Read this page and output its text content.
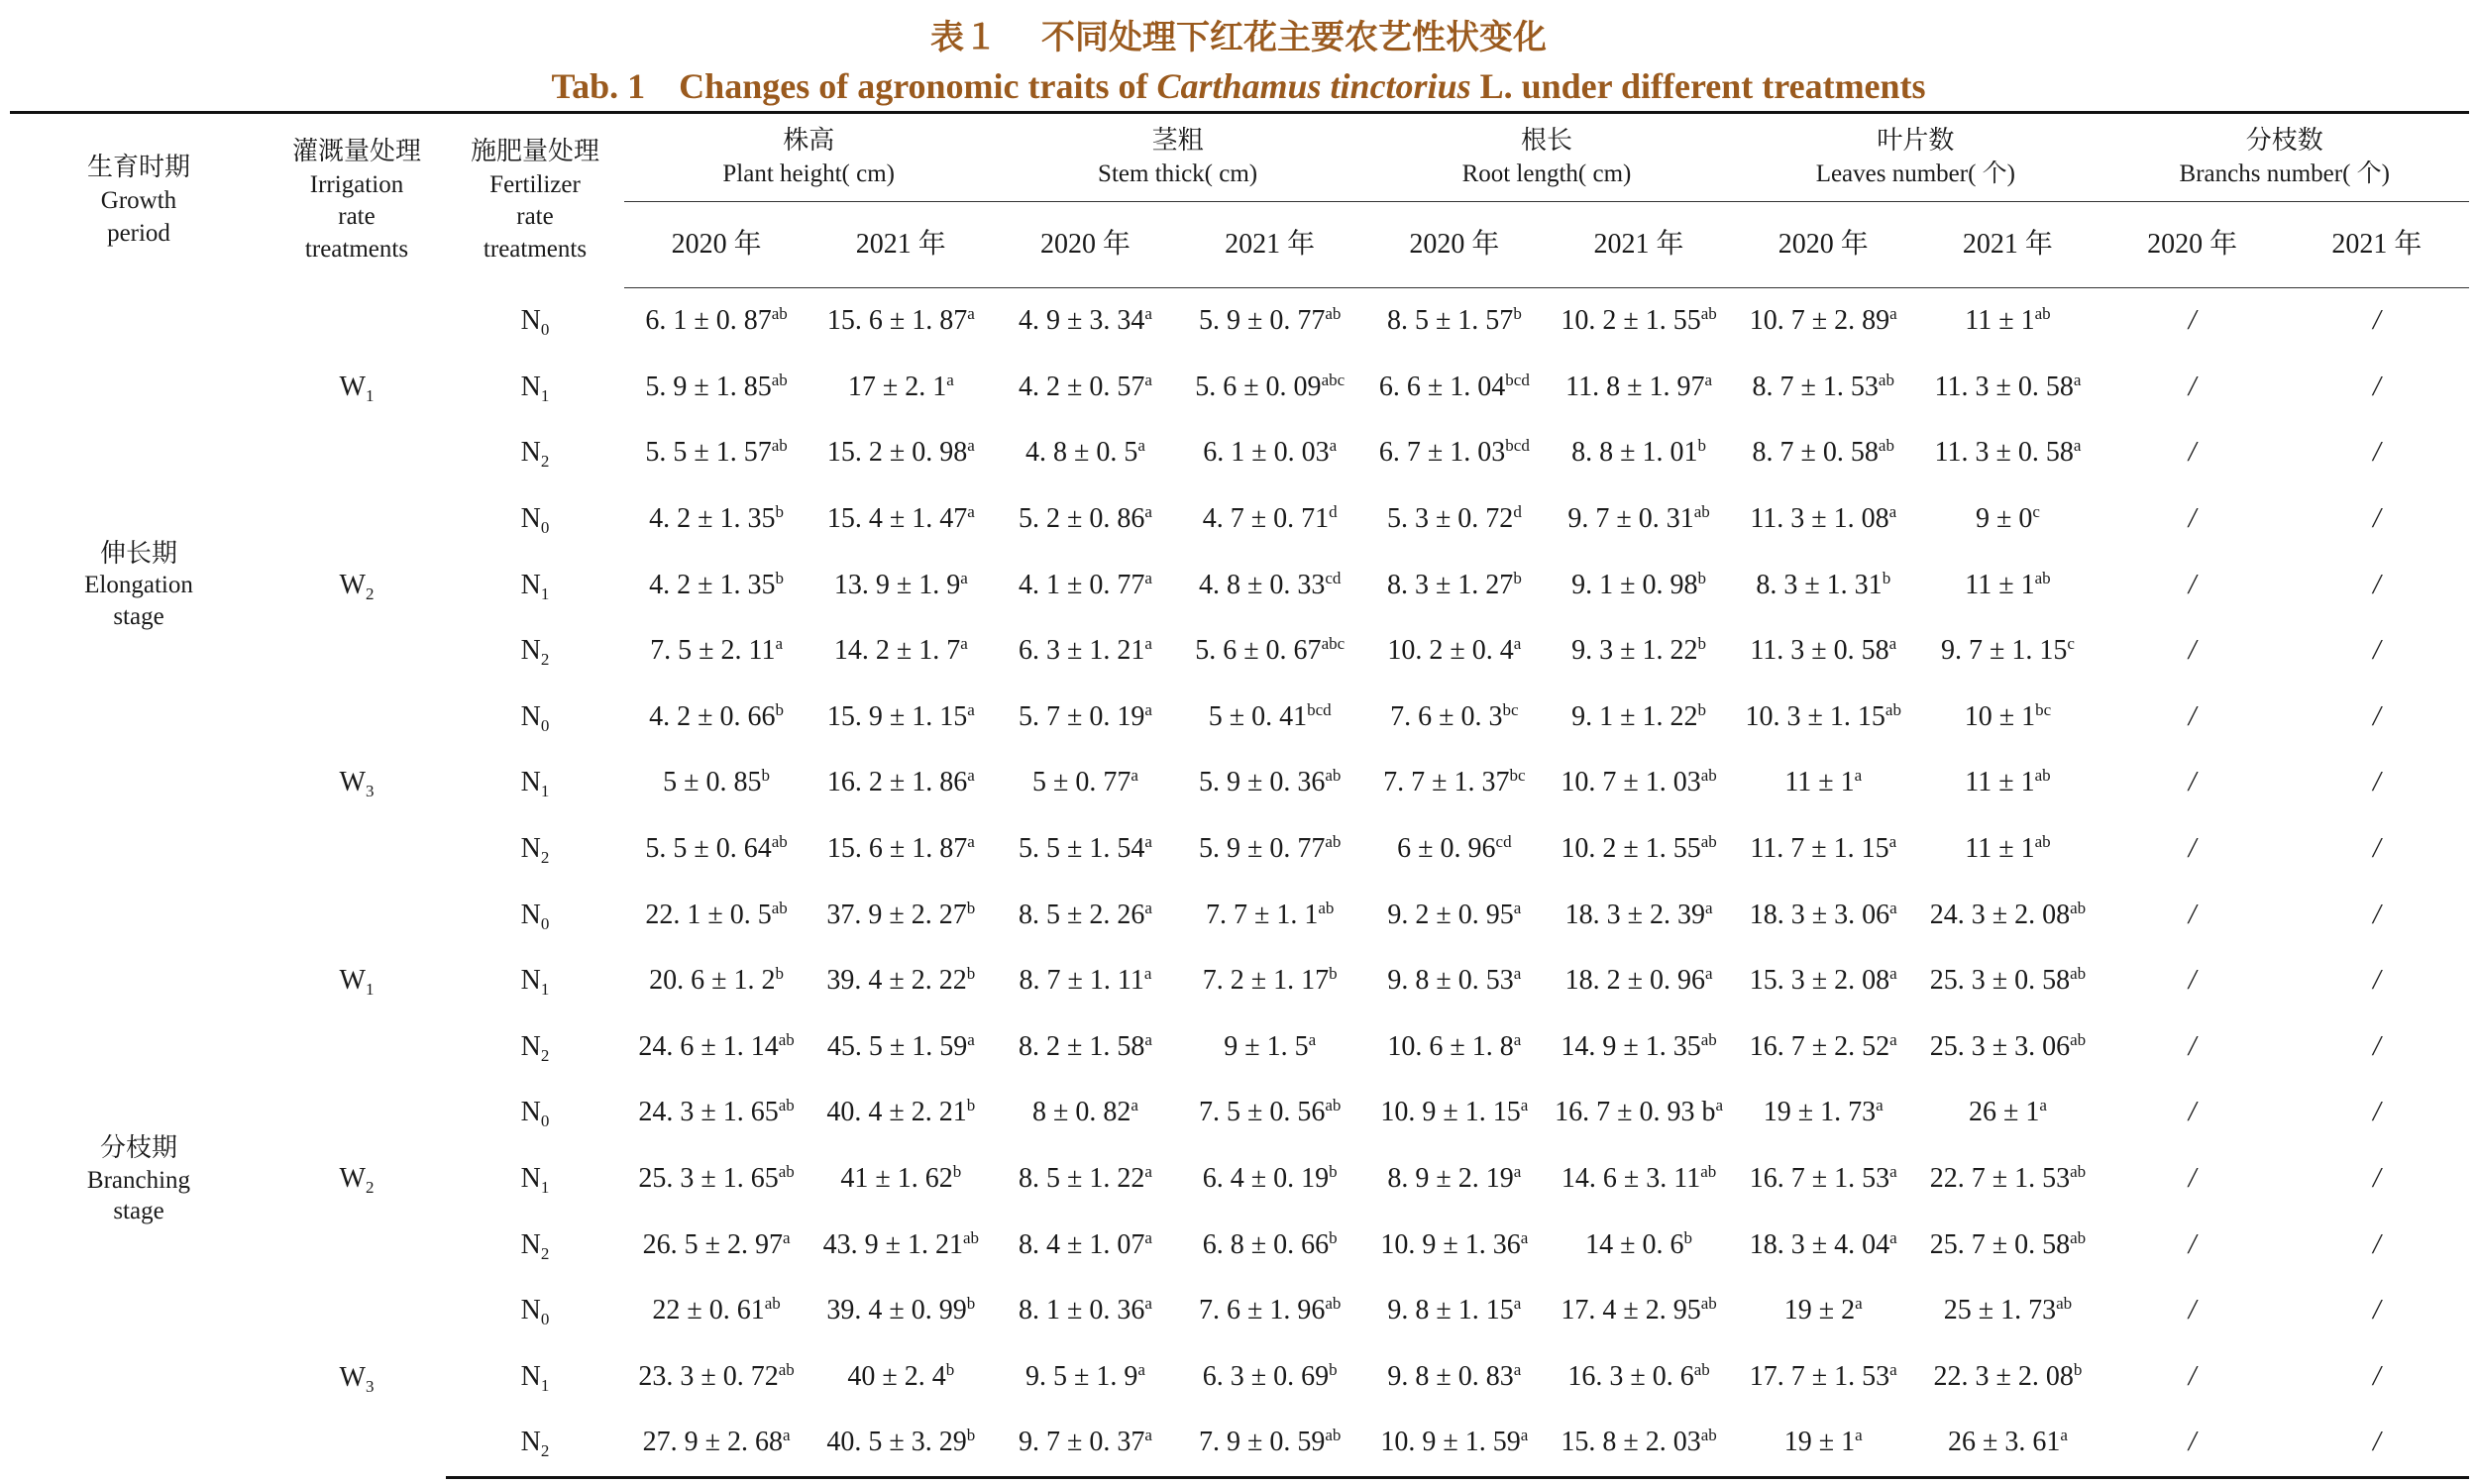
表１ 不同处理下红花主要农艺性状变化
Tab. 1 Changes of agronomic traits of Carthamus tinctorius L. under different treatments
生育时期
Growth
period	灌溉量处理
Irrigation
rate
treatments	施肥量处理
Fertilizer
rate
treatments	株高
Plant height( cm)		茎粗
Stem thick( cm)		根长
Root length( cm)		叶片数
Leaves number( 个)		分枝数
Branchs number( 个)	

			2020 年	2021 年	2020 年	2021 年	2020 年	2021 年	2020 年	2021 年	2020 年	2021 年

伸长期
Elongation
stage	$W_1$	$N_0$	6. 1 ± 0. $87^{ab}$	15. 6 ± 1. 87$^a$	4. 9 ± 3. 34$^a$	5. 9 ± 0. $77^{ab}$	8. 5 ± 1. 57$^b$	10. 2 ± 1. $55^{ab}$	10. 7 ± 2. 89$^a$	$11 \pm 1^{ab}$	/	/
		$N_1$	5. 9 ± 1. $85^{ab}$	17 ± 2. 1$^a$	4. 2 ± 0. 57$^a$	5. 6 ± 0. $09^{abc}$	6. 6 ± 1. $04^{bcd}$	11. 8 ± 1. 97$^a$	8. 7 ± 1. $53^{ab}$	11. 3 ± 0. 58$^a$	/	/
		$N_2$	5. 5 ± 1. $57^{ab}$	15. 2 ± 0. 98$^a$	4. 8 ± 0. 5$^a$	6. 1 ± 0. 03$^a$	6. 7 ± 1. $03^{bcd}$	8. 8 ± 1. 01$^b$	8. 7 ± 0. $58^{ab}$	11. 3 ± 0. 58$^a$	/	/
	$W_2$	$N_0$	4. 2 ± 1. 35$^b$	15. 4 ± 1. 47$^a$	5. 2 ± 0. 86$^a$	4. 7 ± 0. 71$^d$	5. 3 ± 0. 72$^d$	9. 7 ± 0. $31^{ab}$	11. 3 ± 1. 08$^a$	$9 \pm 0^c$	/	/
		$N_1$	4. 2 ± 1. 35$^b$	13. 9 ± 1. 9$^a$	4. 1 ± 0. 77$^a$	4. 8 ± 0. $33^{cd}$	8. 3 ± 1. 27$^b$	9. 1 ± 0. 98$^b$	8. 3 ± 1. 31$^b$	$11 \pm 1^{ab}$	/	/
		$N_2$	7. 5 ± 2. 11$^a$	14. 2 ± 1. 7$^a$	6. 3 ± 1. 21$^a$	5. 6 ± 0. $67^{abc}$	10. 2 ± 0. 4$^a$	9. 3 ± 1. 22$^b$	11. 3 ± 0. 58$^a$	9. 7 ± 1. 15$^c$	/	/
	$W_3$	$N_0$	4. 2 ± 0. 66$^b$	15. 9 ± 1. 15$^a$	5. 7 ± 0. 19$^a$	5 ± 0. $41^{bcd}$	7. 6 ± 0. $3^{bc}$	9. 1 ± 1. 22$^b$	10. 3 ± 1. $15^{ab}$	$10 \pm 1^{bc}$	/	/
		$N_1$	5 ± 0. 85$^b$	16. 2 ± 1. 86$^a$	5 ± 0. 77$^a$	5. 9 ± 0. $36^{ab}$	7. 7 ± 1. $37^{bc}$	10. 7 ± 1. $03^{ab}$	$11 \pm 1^a$	$11 \pm 1^{ab}$	/	/
		$N_2$	5. 5 ± 0. $64^{ab}$	15. 6 ± 1. 87$^a$	5. 5 ± 1. 54$^a$	5. 9 ± 0. $77^{ab}$	6 ± 0. $96^{cd}$	10. 2 ± 1. $55^{ab}$	11. 7 ± 1. 15$^a$	$11 \pm 1^{ab}$	/	/

分枝期
Branching
stage	$W_1$	$N_0$	22. 1 ± 0. $5^{ab}$	37. 9 ± 2. 27$^b$	8. 5 ± 2. 26$^a$	7. 7 ± 1. $1^{ab}$	9. 2 ± 0. 95$^a$	18. 3 ± 2. 39$^a$	18. 3 ± 3. 06$^a$	24. 3 ± 2. $08^{ab}$	/	/
		$N_1$	20. 6 ± 1. 2$^b$	39. 4 ± 2. 22$^b$	8. 7 ± 1. 11$^a$	7. 2 ± 1. 17$^b$	9. 8 ± 0. 53$^a$	18. 2 ± 0. 96$^a$	15. 3 ± 2. 08$^a$	25. 3 ± 0. $58^{ab}$	/	/
		$N_2$	24. 6 ± 1. $14^{ab}$	45. 5 ± 1. 59$^a$	8. 2 ± 1. 58$^a$	9 ± 1. 5$^a$	10. 6 ± 1. 8$^a$	14. 9 ± 1. $35^{ab}$	16. 7 ± 2. 52$^a$	25. 3 ± 3. $06^{ab}$	/	/
	$W_2$	$N_0$	24. 3 ± 1. $65^{ab}$	40. 4 ± 2. 21$^b$	8 ± 0. 82$^a$	7. 5 ± 0. $56^{ab}$	10. 9 ± 1. 15$^a$	16. 7 ± 0. 93 $b^a$	19 ± 1. 73$^a$	$26 \pm 1^a$	/	/
		$N_1$	25. 3 ± 1. $65^{ab}$	41 ± 1. 62$^b$	8. 5 ± 1. 22$^a$	6. 4 ± 0. 19$^b$	8. 9 ± 2. 19$^a$	14. 6 ± 3. $11^{ab}$	16. 7 ± 1. 53$^a$	22. 7 ± 1. $53^{ab}$	/	/
		$N_2$	26. 5 ± 2. 97$^a$	43. 9 ± 1. $21^{ab}$	8. 4 ± 1. 07$^a$	6. 8 ± 0. 66$^b$	10. 9 ± 1. 36$^a$	14 ± 0. 6$^b$	18. 3 ± 4. 04$^a$	25. 7 ± 0. $58^{ab}$	/	/
	$W_3$	$N_0$	22 ± 0. $61^{ab}$	39. 4 ± 0. 99$^b$	8. 1 ± 0. 36$^a$	7. 6 ± 1. $96^{ab}$	9. 8 ± 1. 15$^a$	17. 4 ± 2. $95^{ab}$	$19 \pm 2^a$	25 ± 1. $73^{ab}$	/	/
		$N_1$	23. 3 ± 0. $72^{ab}$	40 ± 2. 4$^b$	9. 5 ± 1. 9$^a$	6. 3 ± 0. 69$^b$	9. 8 ± 0. 83$^a$	16. 3 ± 0. $6^{ab}$	17. 7 ± 1. 53$^a$	22. 3 ± 2. 08$^b$	/	/
		$N_2$	27. 9 ± 2. 68$^a$	40. 5 ± 3. 29$^b$	9. 7 ± 0. 37$^a$	7. 9 ± 0. $59^{ab}$	10. 9 ± 1. 59$^a$	15. 8 ± 2. $03^{ab}$	$19 \pm 1^a$	26 ± 3. 61$^a$	/	/
